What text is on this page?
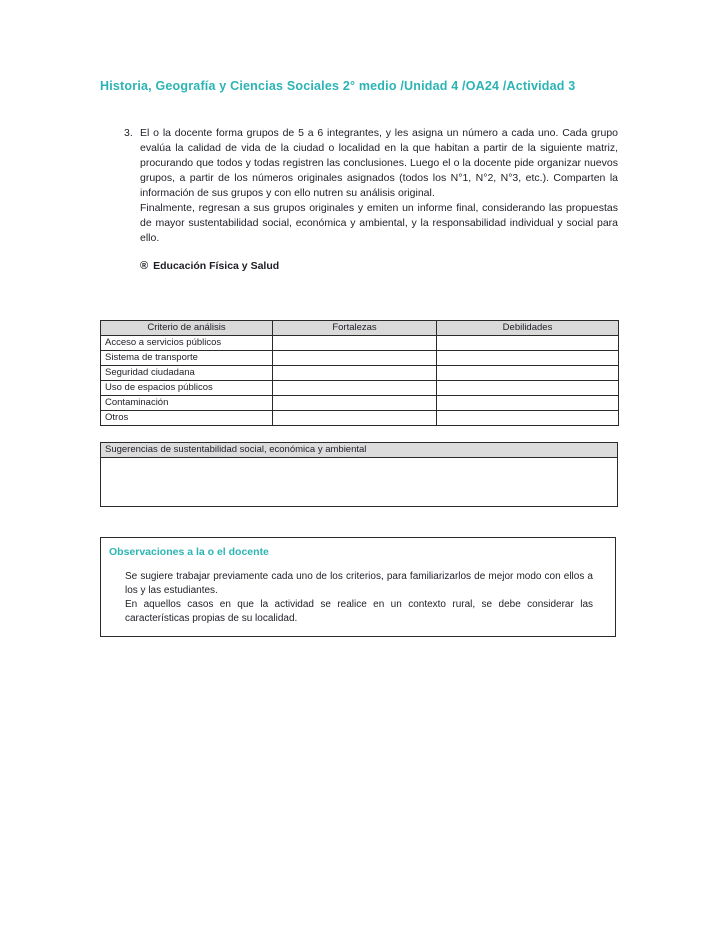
Historia, Geografía y Ciencias Sociales 2° medio /Unidad 4 /OA24 /Actividad 3
3. El o la docente forma grupos de 5 a 6 integrantes, y les asigna un número a cada uno. Cada grupo evalúa la calidad de vida de la ciudad o localidad en la que habitan a partir de la siguiente matriz, procurando que todos y todas registren las conclusiones. Luego el o la docente pide organizar nuevos grupos, a partir de los números originales asignados (todos los N°1, N°2, N°3, etc.). Comparten la información de sus grupos y con ello nutren su análisis original.

Finalmente, regresan a sus grupos originales y emiten un informe final, considerando las propuestas de mayor sustentabilidad social, económica y ambiental, y la responsabilidad individual y social para ello.

® Educación Física y Salud
Criterio de análisis	Fortalezas	Debilidades
Acceso a servicios públicos		
Sistema de transporte		
Seguridad ciudadana		
Uso de espacios públicos		
Contaminación		
Otros		
Sugerencias de sustentabilidad social, económica y ambiental
Observaciones a la o el docente

Se sugiere trabajar previamente cada uno de los criterios, para familiarizarlos de mejor modo con ellos a los y las estudiantes.

En aquellos casos en que la actividad se realice en un contexto rural, se debe considerar las características propias de su localidad.
